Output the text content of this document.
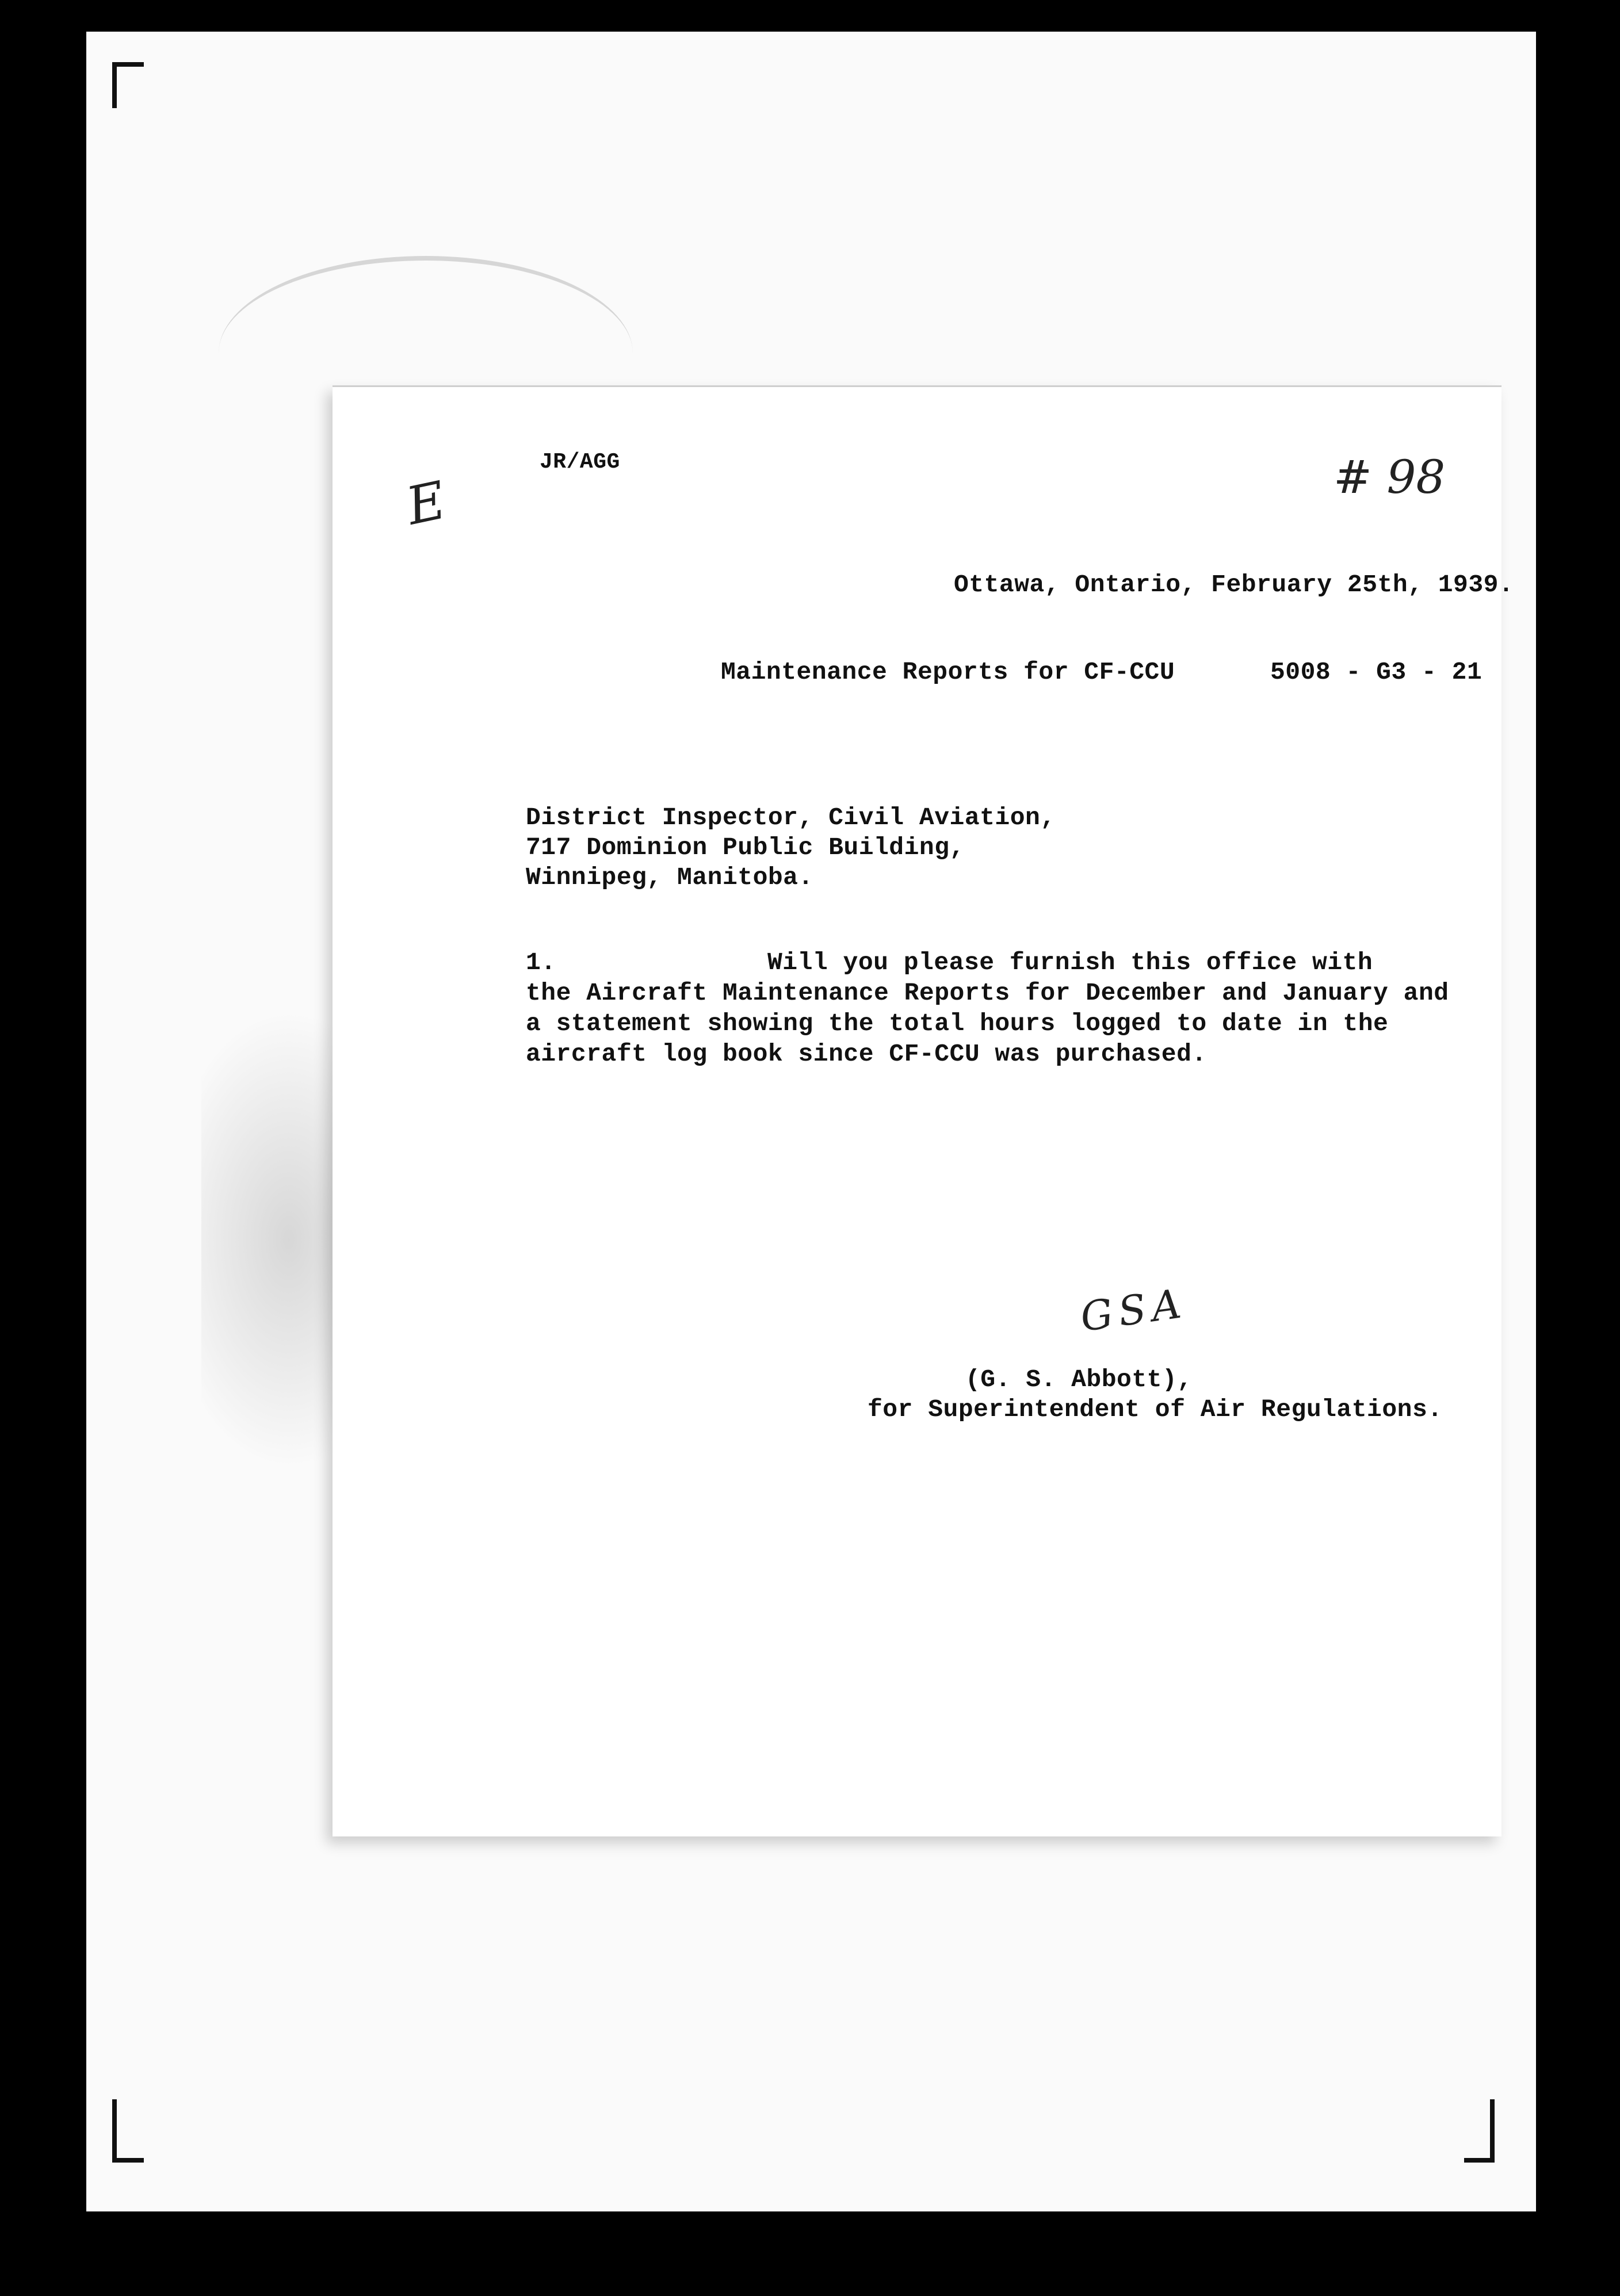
JR/AGG
E	# 98
Ottawa, Ontario, February 25th, 1939.
Maintenance Reports for CF-CCU	5008 - G3 - 21
District Inspector, Civil Aviation,
717 Dominion Public Building,
Winnipeg, Manitoba.
1.	Will you please furnish this office with
the Aircraft Maintenance Reports for December and January and
a statement showing the total hours logged to date in the
aircraft log book since CF-CCU was purchased.
G S A
(G. S. Abbott),
for Superintendent of Air Regulations.
